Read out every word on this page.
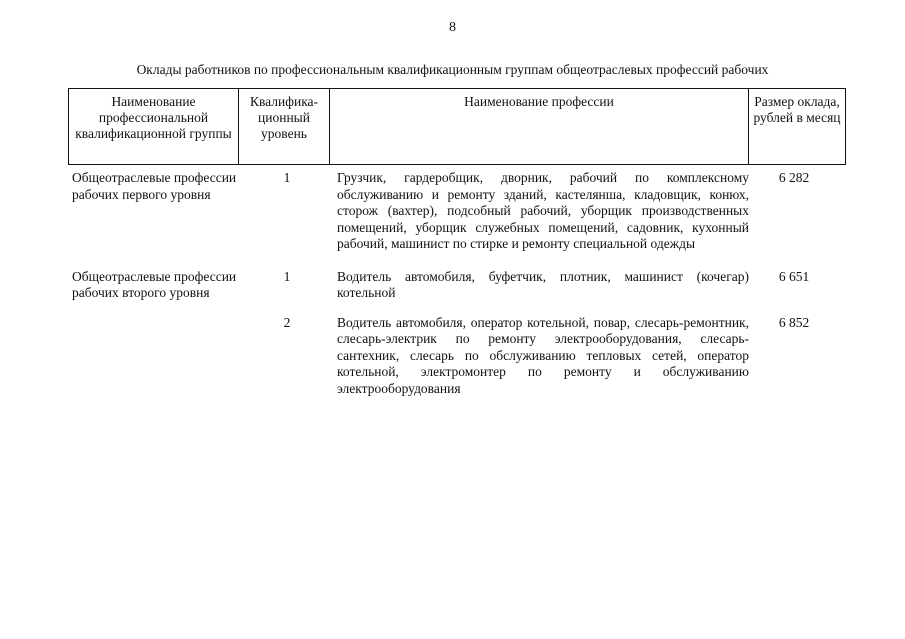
8
Оклады работников по профессиональным квалификационным группам общеотраслевых профессий рабочих
Наименование профессиональной квалификационной группы	Квалифика-ционный уровень	Наименование профессии	Размер оклада, рублей в месяц
Общеотраслевые профессии рабочих первого уровня	1	Грузчик, гардеробщик, дворник, рабочий по комплексному обслуживанию и ремонту зданий, кастелянша, кладовщик, конюх, сторож (вахтер), подсобный рабочий, уборщик производственных помещений, уборщик служебных помещений, садовник, кухонный рабочий, машинист по стирке и ремонту специальной одежды	6 282
Общеотраслевые профессии рабочих второго уровня	1	Водитель автомобиля, буфетчик, плотник, машинист (кочегар) котельной	6 651
	2	Водитель автомобиля, оператор котельной, повар, слесарь-ремонтник, слесарь-электрик по ремонту электрооборудования, слесарь-сантехник, слесарь по обслуживанию тепловых сетей, оператор котельной, электромонтер по ремонту и обслуживанию электрооборудования	6 852
